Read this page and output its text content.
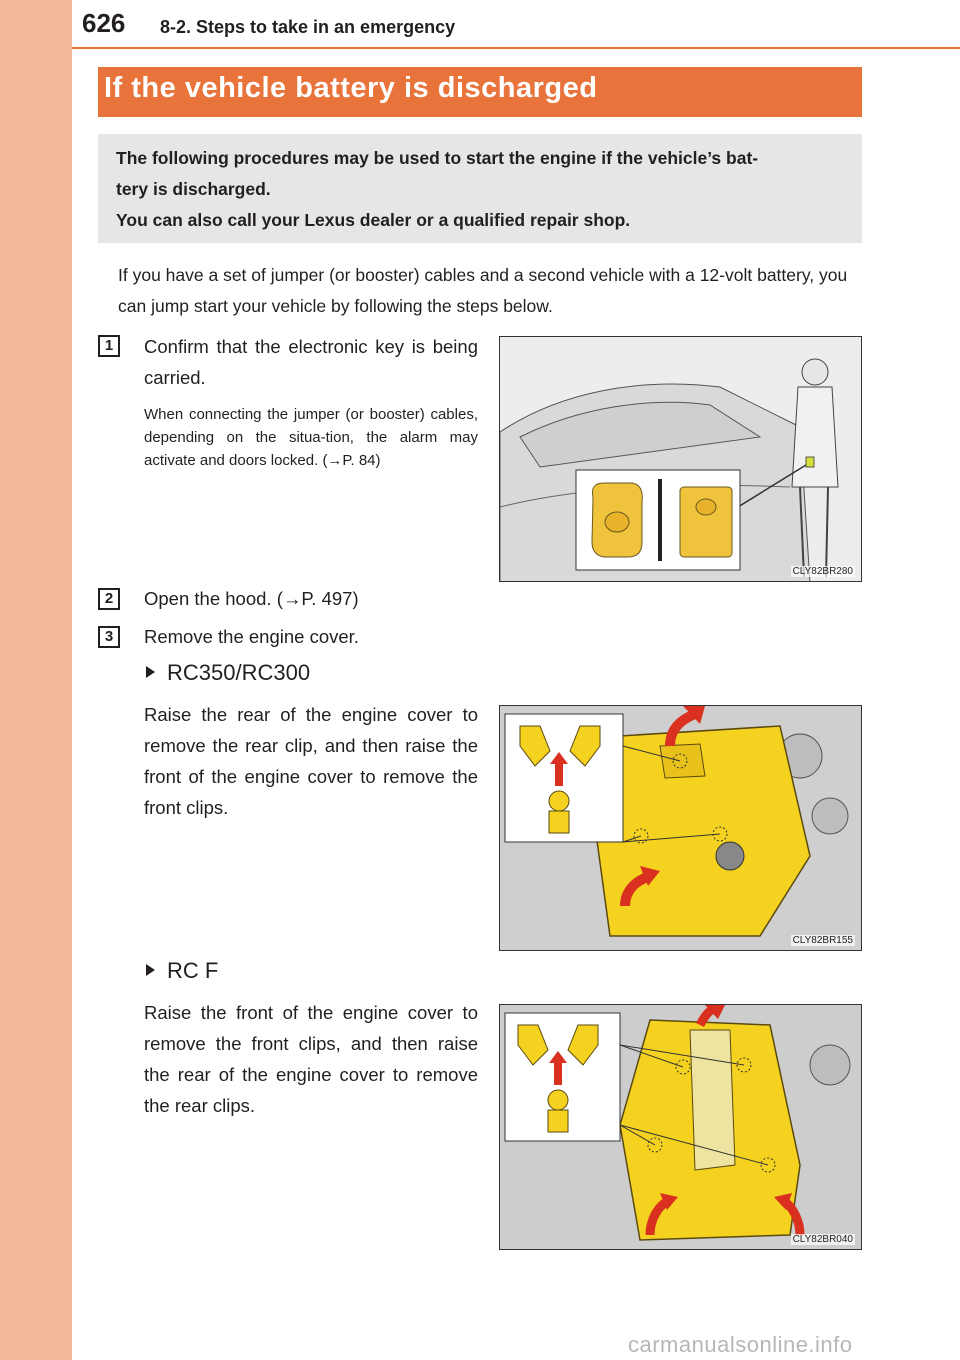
626 8-2. Steps to take in an emergency
If the vehicle battery is discharged
The following procedures may be used to start the engine if the vehicle’s bat-
tery is discharged.
You can also call your Lexus dealer or a qualified repair shop.
If you have a set of jumper (or booster) cables and a second vehicle with a 12-volt battery, you can jump start your vehicle by following the steps below.
1	Confirm that the electronic key is being carried.
When connecting the jumper (or booster) cables, depending on the situa-tion, the alarm may activate and doors locked. (→P. 84)
CLY82BR280
2	Open the hood. (→P. 497)
3	Remove the engine cover.
RC350/RC300
Raise the rear of the engine cover to remove the rear clip, and then raise the front of the engine cover to remove the front clips.
CLY82BR155
RC F
Raise the front of the engine cover to remove the front clips, and then raise the rear of the engine cover to remove the rear clips.
CLY82BR040
carmanualsonline.info
